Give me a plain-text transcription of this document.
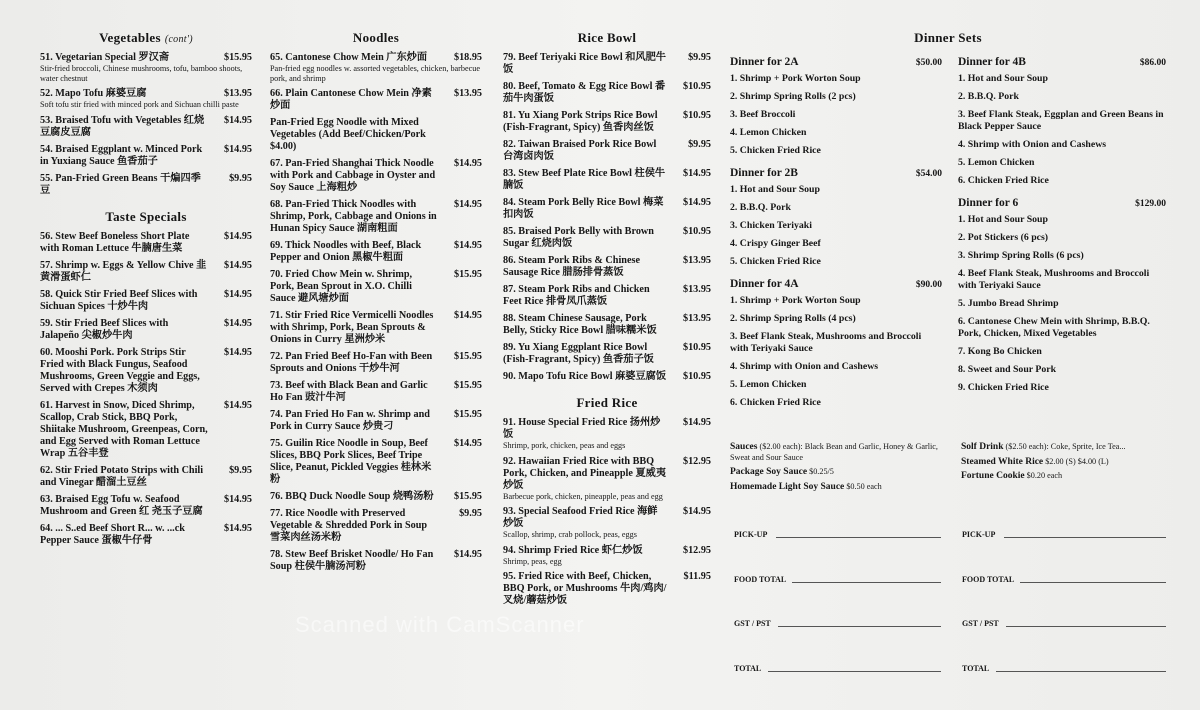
Vegetables (cont')
51. Vegetarian Special 罗汉斋	$15.95
Stir-fried broccoli, Chinese mushrooms, tofu, bamboo shoots, water chestnut
52. Mapo Tofu 麻婆豆腐	$13.95
Soft tofu stir fried with minced pork and Sichuan chilli paste
53. Braised Tofu with Vegetables 红烧豆腐皮豆腐
$14.95
54. Braised Eggplant w. Minced Pork in Yuxiang Sauce 鱼香茄子
$14.95
55. Pan-Fried Green Beans 干煸四季豆
$9.95
Taste Specials
56. Stew Beef Boneless Short Plate with Roman Lettuce 牛腩唐生菜
$14.95
57. Shrimp w. Eggs & Yellow Chive 韭黄滑蛋虾仁
$14.95
58. Quick Stir Fried Beef Slices with Sichuan Spices 十炒牛肉
$14.95
59. Stir Fried Beef Slices with Jalapeño 尖椒炒牛肉
$14.95
60. Mooshi Pork. Pork Strips Stir Fried with Black Fungus, Seafood Mushrooms, Green Veggie and Eggs, Served with Crepes 木须肉
$14.95
61. Harvest in Snow, Diced Shrimp, Scallop, Crab Stick, BBQ Pork, Shiitake Mushroom, Greenpeas, Corn, and Egg Served with Roman Lettuce Wrap 五谷丰登
$14.95
62. Stir Fried Potato Strips with Chili and Vinegar 醋溜土豆丝
$9.95
63. Braised Egg Tofu w. Seafood Mushroom and Green 红 尧玉子豆腐
$14.95
64. ... S..ed Beef Short R... w. ...ck Pepper Sauce 蛋椒牛仔骨
$14.95
Noodles
65. Cantonese Chow Mein 广东炒面	$18.95
Pan-fried egg noodles w. assorted vegetables, chicken, barbecue pork, and shrimp
66. Plain Cantonese Chow Mein 净素炒面
$13.95
Pan-Fried Egg Noodle with Mixed Vegetables (Add Beef/Chicken/Pork $4.00)
67. Pan-Fried Shanghai Thick Noodle with Pork and Cabbage in Oyster and Soy Sauce 上海粗炒
$14.95
68. Pan-Fried Thick Noodles with Shrimp, Pork, Cabbage and Onions in Hunan Spicy Sauce 湖南粗面
$14.95
69. Thick Noodles with Beef, Black Pepper and Onion 黑椒牛粗面
$14.95
70. Fried Chow Mein w. Shrimp, Pork, Bean Sprout in X.O. Chilli Sauce 避风塘炒面
$15.95
71. Stir Fried Rice Vermicelli Noodles with Shrimp, Pork, Bean Sprouts & Onions in Curry 星洲炒米
$14.95
72. Pan Fried Beef Ho-Fan with Been Sprouts and Onions 干炒牛河
$15.95
73. Beef with Black Bean and Garlic Ho Fan 豉汁牛河
$15.95
74. Pan Fried Ho Fan w. Shrimp and Pork in Curry Sauce 炒贵刁
$15.95
75. Guilin Rice Noodle in Soup, Beef Slices, BBQ Pork Slices, Beef Tripe Slice, Peanut, Pickled Veggies 桂林米粉
$14.95
76. BBQ Duck Noodle Soup 烧鸭汤粉	$15.95
77. Rice Noodle with Preserved Vegetable & Shredded Pork in Soup 雪菜肉丝汤米粉
$9.95
78. Stew Beef Brisket Noodle/ Ho Fan Soup 柱侯牛腩汤河粉
$14.95
Rice Bowl
79. Beef Teriyaki Rice Bowl 和风肥牛饭
$9.95
80. Beef, Tomato & Egg Rice Bowl 番茄牛肉蛋饭
$10.95
81. Yu Xiang Pork Strips Rice Bowl (Fish-Fragrant, Spicy) 鱼香肉丝饭
$10.95
82. Taiwan Braised Pork Rice Bowl 台湾卤肉饭
$9.95
83. Stew Beef Plate Rice Bowl 柱侯牛腩饭
$14.95
84. Steam Pork Belly Rice Bowl 梅菜扣肉饭
$14.95
85. Braised Pork Belly with Brown Sugar 红烧肉饭
$10.95
86. Steam Pork Ribs & Chinese Sausage Rice 腊肠排骨蒸饭
$13.95
87. Steam Pork Ribs and Chicken Feet Rice 排骨凤爪蒸饭
$13.95
88. Steam Chinese Sausage, Pork Belly, Sticky Rice Bowl 腊味糯米饭
$13.95
89. Yu Xiang Eggplant Rice Bowl (Fish-Fragrant, Spicy) 鱼香茄子饭
$10.95
90. Mapo Tofu Rice Bowl 麻婆豆腐饭	$10.95
Fried Rice
91. House Special Fried Rice 扬州炒饭
$14.95
Shrimp, pork, chicken, peas and eggs
92. Hawaiian Fried Rice with BBQ Pork, Chicken, and Pineapple 夏威夷炒饭
$12.95
Barbecue pork, chicken, pineapple, peas and egg
93. Special Seafood Fried Rice 海鲜炒饭
$14.95
Scallop, shrimp, crab pollock, peas, eggs
94. Shrimp Fried Rice 虾仁炒饭	$12.95
Shrimp, peas, egg
95. Fried Rice with Beef, Chicken, BBQ Pork, or Mushrooms 牛肉/鸡肉/叉烧/蘑菇炒饭
$11.95
Dinner Sets
Dinner for 2A	$50.00
1. Shrimp + Pork Worton Soup
2. Shrimp Spring Rolls (2 pcs)
3. Beef Broccoli
4. Lemon Chicken
5. Chicken Fried Rice
Dinner for 2B	$54.00
1. Hot and Sour Soup
2. B.B.Q. Pork
3. Chicken Teriyaki
4. Crispy Ginger Beef
5. Chicken Fried Rice
Dinner for 4A	$90.00
1. Shrimp + Pork Worton Soup
2. Shrimp Spring Rolls (4 pcs)
3. Beef Flank Steak, Mushrooms and Broccoli with Teriyaki Sauce
4. Shrimp with Onion and Cashews
5. Lemon Chicken
6. Chicken Fried Rice
Dinner for 4B	$86.00
1. Hot and Sour Soup
2. B.B.Q. Pork
3. Beef Flank Steak, Eggplan and Green Beans in Black Pepper Sauce
4. Shrimp with Onion and Cashews
5. Lemon Chicken
6. Chicken Fried Rice
Dinner for 6	$129.00
1. Hot and Sour Soup
2. Pot Stickers (6 pcs)
3. Shrimp Spring Rolls (6 pcs)
4. Beef Flank Steak, Mushrooms and Broccoli with Teriyaki Sauce
5. Jumbo Bread Shrimp
6. Cantonese Chew Mein with Shrimp, B.B.Q. Pork, Chicken, Mixed Vegetables
7. Kong Bo Chicken
8. Sweet and Sour Pork
9. Chicken Fried Rice
Sauces ($2.00 each): Black Bean and Garlic, Honey & Garlic, Sweat and Sour Sauce
Package Soy Sauce $0.25/5
Homemade Light Soy Sauce $0.50 each
Solf Drink ($2.50 each): Coke, Sprite, Ice Tea...
Steamed White Rice $2.00 (S) $4.00 (L)
Fortune Cookie $0.20 each
PICK-UP
FOOD TOTAL
GST / PST
TOTAL
PICK-UP
FOOD TOTAL
GST / PST
TOTAL
Scanned with CamScanner
